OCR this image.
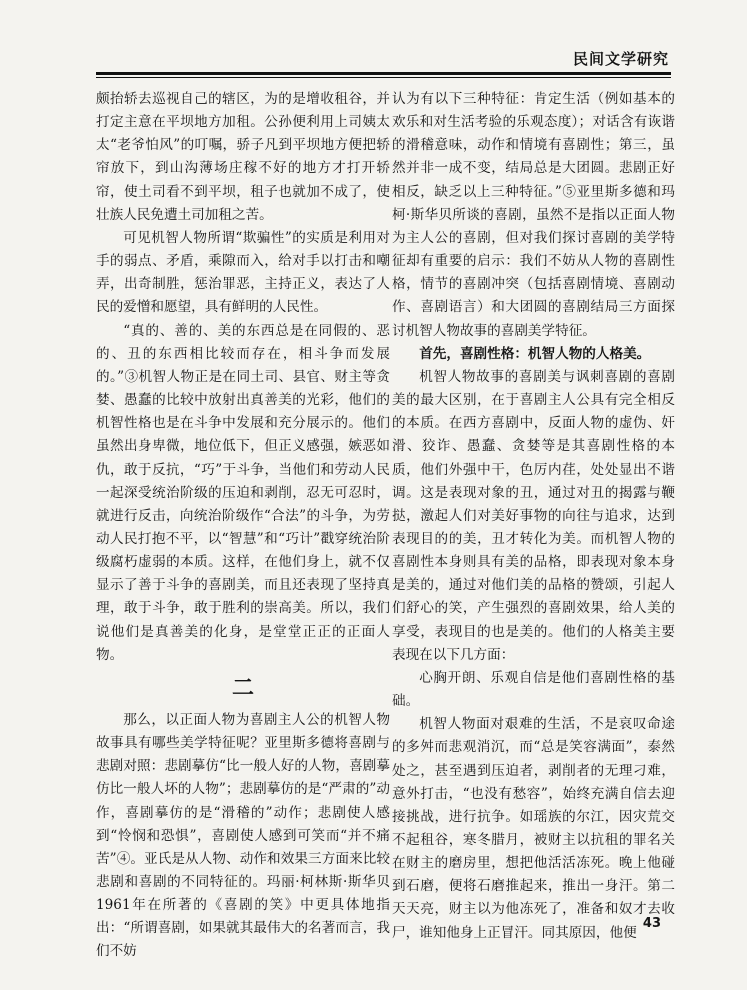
民间文学研究

颇抬轿去巡视自己的辖区，为的是增收租谷，并打定主意在平坝地方加租。公孙便利用上司姨太太“老爷怕风”的叮嘱，骄子凡到平坝地方便把轿帘放下，到山沟薄场庄稼不好的地方才打开轿帘，使土司看不到平坝，租子也就加不成了，使壮族人民免遭土司加租之苦。

可见机智人物所谓“欺骗性”的实质是利用对手的弱点、矛盾，乘隙而入，给对手以打击和嘲弄，出奇制胜，惩治罪恶，主持正义，表达了人民的爱憎和愿望，具有鲜明的人民性。

“真的、善的、美的东西总是在同假的、恶的、丑的东西相比较而存在，相斗争而发展的。”③机智人物正是在同土司、县官、财主等贪婪、愚蠢的比较中放射出真善美的光彩，他们的机智性格也是在斗争中发展和充分展示的。他们虽然出身卑微，地位低下，但正义感强，嫉恶如仇，敢于反抗，“巧”于斗争，当他们和劳动人民一起深受统治阶级的压迫和剥削，忍无可忍时，就进行反击，向统治阶级作“合法”的斗争，为劳动人民打抱不平，以“智慧”和“巧计”戳穿统治阶级腐朽虚弱的本质。这样，在他们身上，就不仅显示了善于斗争的喜剧美，而且还表现了坚持真理，敢于斗争，敢于胜利的崇高美。所以，我们说他们是真善美的化身，是堂堂正正的正面人物。

二

那么，以正面人物为喜剧主人公的机智人物故事具有哪些美学特征呢？亚里斯多德将喜剧与悲剧对照：悲剧摹仿“比一般人好的人物，喜剧摹仿比一般人坏的人物”；悲剧摹仿的是“严肃的”动作，喜剧摹仿的是“滑稽的”动作；悲剧使人感到“怜悯和恐惧”，喜剧使人感到可笑而“并不痛苦”④。亚氏是从人物、动作和效果三方面来比较悲剧和喜剧的不同特征的。玛丽·柯林斯·斯华贝1961年在所著的《喜剧的笑》中更具体地指出：“所谓喜剧，如果就其最伟大的名著而言，我们不妨

认为有以下三种特征：肯定生活（例如基本的欢乐和对生活考验的乐观态度）；对话含有诙谐的滑稽意味，动作和情境有喜剧性；第三，虽然并非一成不变，结局总是大团圆。悲剧正好相反，缺乏以上三种特征。”⑤亚里斯多德和玛柯·斯华贝所谈的喜剧，虽然不是指以正面人物为主人公的喜剧，但对我们探讨喜剧的美学特征却有重要的启示：我们不妨从人物的喜剧性格，情节的喜剧冲突（包括喜剧情境、喜剧动作、喜剧语言）和大团圆的喜剧结局三方面探讨机智人物故事的喜剧美学特征。

首先，喜剧性格：机智人物的人格美。

机智人物故事的喜剧美与讽刺喜剧的喜剧美的最大区别，在于喜剧主人公具有完全相反的本质。在西方喜剧中，反面人物的虚伪、奸滑、狡诈、愚蠢、贪婪等是其喜剧性格的本质，他们外强中干，色厉内荏，处处显出不谐调。这是表现对象的丑，通过对丑的揭露与鞭挞，激起人们对美好事物的向往与追求，达到表现目的的美，丑才转化为美。而机智人物的喜剧性本身则具有美的品格，即表现对象本身是美的，通过对他们美的品格的赞颂，引起人们舒心的笑，产生强烈的喜剧效果，给人美的享受，表现目的也是美的。他们的人格美主要表现在以下几方面：

心胸开朗、乐观自信是他们喜剧性格的基础。

机智人物面对艰难的生活，不是哀叹命途的多舛而悲观消沉，而“总是笑容满面”，泰然处之，甚至遇到压迫者，剥削者的无理刁难，意外打击，“也没有愁容”，始终充满自信去迎接挑战，进行抗争。如瑶族的尔江，因灾荒交不起租谷，寒冬腊月，被财主以抗租的罪名关在财主的磨房里，想把他活活冻死。晚上他碰到石磨，便将石磨推起来，推出一身汗。第二天天亮，财主以为他冻死了，准备和奴才去收尸，谁知他身上正冒汗。同其原因，他便

43
